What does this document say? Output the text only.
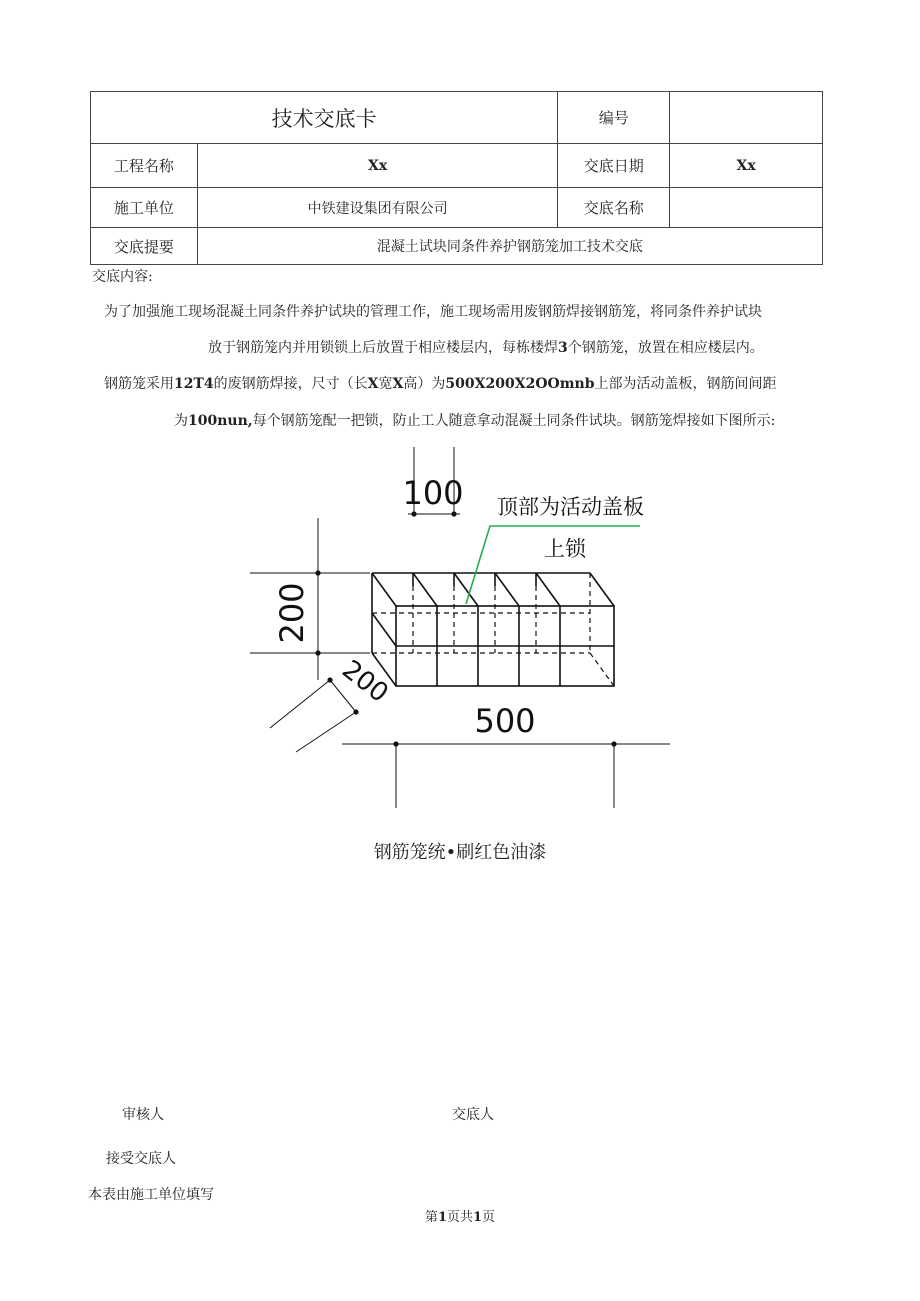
技术交底卡		编号	
工程名称	Xx	交底日期	Xx
施工单位	中铁建设集团有限公司	交底名称	
交底提要	混凝土试块同条件养护钢筋笼加工技术交底		
交底内容:
为了加强施工现场混凝土同条件养护试块的管理工作，施工现场需用废钢筋焊接钢筋笼，将同条件养护试块
放于钢筋笼内并用锁锁上后放置于相应楼层内，每栋楼焊3个钢筋笼，放置在相应楼层内。
钢筋笼采用12T4的废钢筋焊接，尺寸（长X宽X高）为500X200X2OOmnb上部为活动盖板，钢筋间间距
为100nun,每个钢筋笼配一把锁，防止工人随意拿动混凝土同条件试块。钢筋笼焊接如下图所示:
100
200
200
500
顶部为活动盖板
上锁
钢筋笼统•刷红色油漆
审核人	交底人
接受交底人
本表由施工单位填写
第1页共1页
